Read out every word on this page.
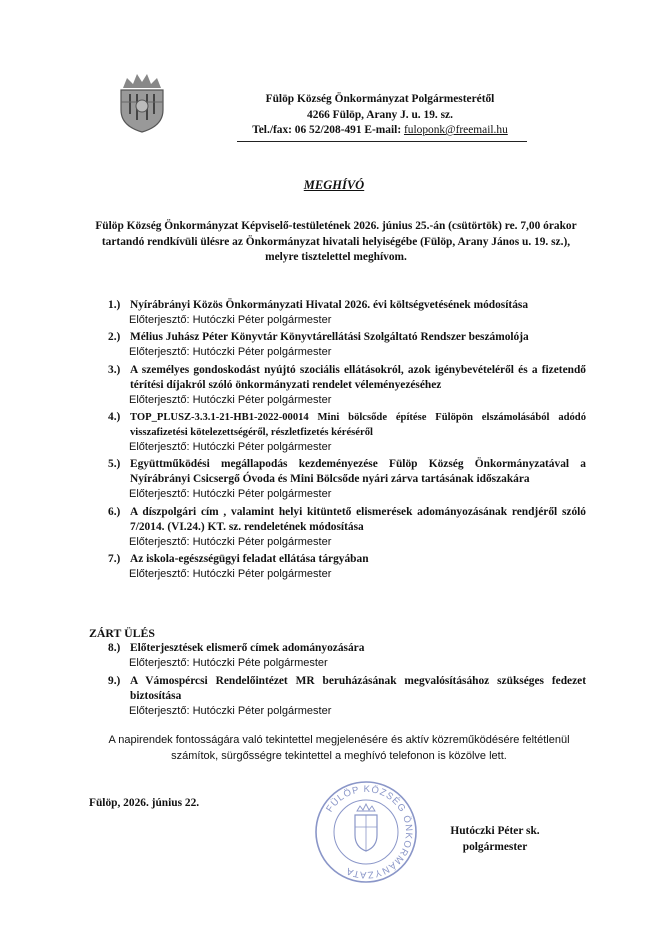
Fülöp Község Önkormányzat Polgármesterétől
4266 Fülöp, Arany J. u. 19. sz.
Tel./fax: 06 52/208-491 E-mail: fuloponk@freemail.hu
MEGHÍVÓ
Fülöp Község Önkormányzat Képviselő-testületének 2026. június 25.-án (csütörtök) re. 7,00 órakor tartandó rendkívüli ülésre az Önkormányzat hivatali helyiségébe (Fülöp, Arany János u. 19. sz.), melyre tisztelettel meghívom.
1.) Nyírábrányi Közös Önkormányzati Hivatal 2026. évi költségvetésének módosítása
Előterjesztő: Hutóczki Péter polgármester
2.) Mélius Juhász Péter Könyvtár Könyvtárellátási Szolgáltató Rendszer beszámolója
Előterjesztő: Hutóczki Péter polgármester
3.) A személyes gondoskodást nyújtó szociális ellátásokról, azok igénybevételéről és a fizetendő térítési díjakról szóló önkormányzati rendelet véleményezéséhez
Előterjesztő: Hutóczki Péter polgármester
4.) TOP_PLUSZ-3.3.1-21-HB1-2022-00014 Mini bölcsőde építése Fülöpön elszámolásából adódó visszafizetési kötelezettségéről, részletfizetés kéréséről
Előterjesztő: Hutóczki Péter polgármester
5.) Együttműködési megállapodás kezdeményezése Fülöp Község Önkormányzatával a Nyírábrányi Csicsergő Óvoda és Mini Bölcsőde nyári zárva tartásának időszakára
Előterjesztő: Hutóczki Péter polgármester
6.) A díszpolgári cím , valamint helyi kitüntető elismerések adományozásának rendjéről szóló 7/2014. (VI.24.) KT. sz. rendeletének módosítása
Előterjesztő: Hutóczki Péter polgármester
7.) Az iskola-egészségügyi feladat ellátása tárgyában
Előterjesztő: Hutóczki Péter polgármester
ZÁRT ÜLÉS
8.) Előterjesztések elismerő címek adományozására
Előterjesztő: Hutóczki Péte polgármester
9.) A Vámospércsi Rendelőintézet MR beruházásának megvalósításához szükséges fedezet biztosítása
Előterjesztő: Hutóczki Péter polgármester
A napirendek fontosságára való tekintettel megjelenésére és aktív közreműködésére feltétlenül számítok, sürgősségre tekintettel a meghívó telefonon is közölve lett.
Fülöp, 2026. június 22.	FÜLÖP KÖZSÉG ÖNKORMÁNYZATA
Hutóczki Péter sk.
polgármester
